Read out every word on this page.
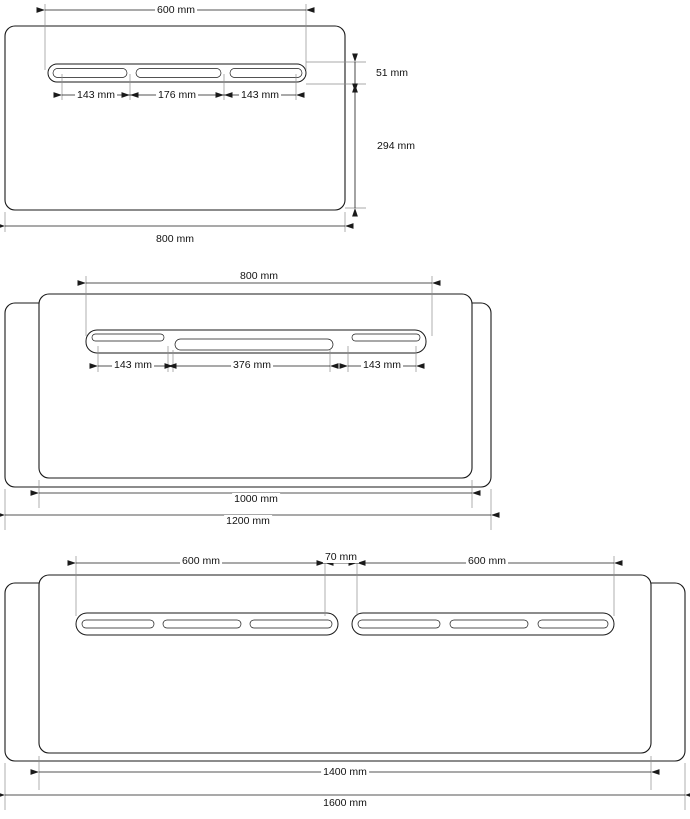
600 mm
143 mm	176 mm	143 mm
51 mm
294 mm
800 mm
800 mm
143 mm	376 mm	143 mm
1000 mm
1200 mm
600 mm	70 mm	600 mm
1400 mm
1600 mm
